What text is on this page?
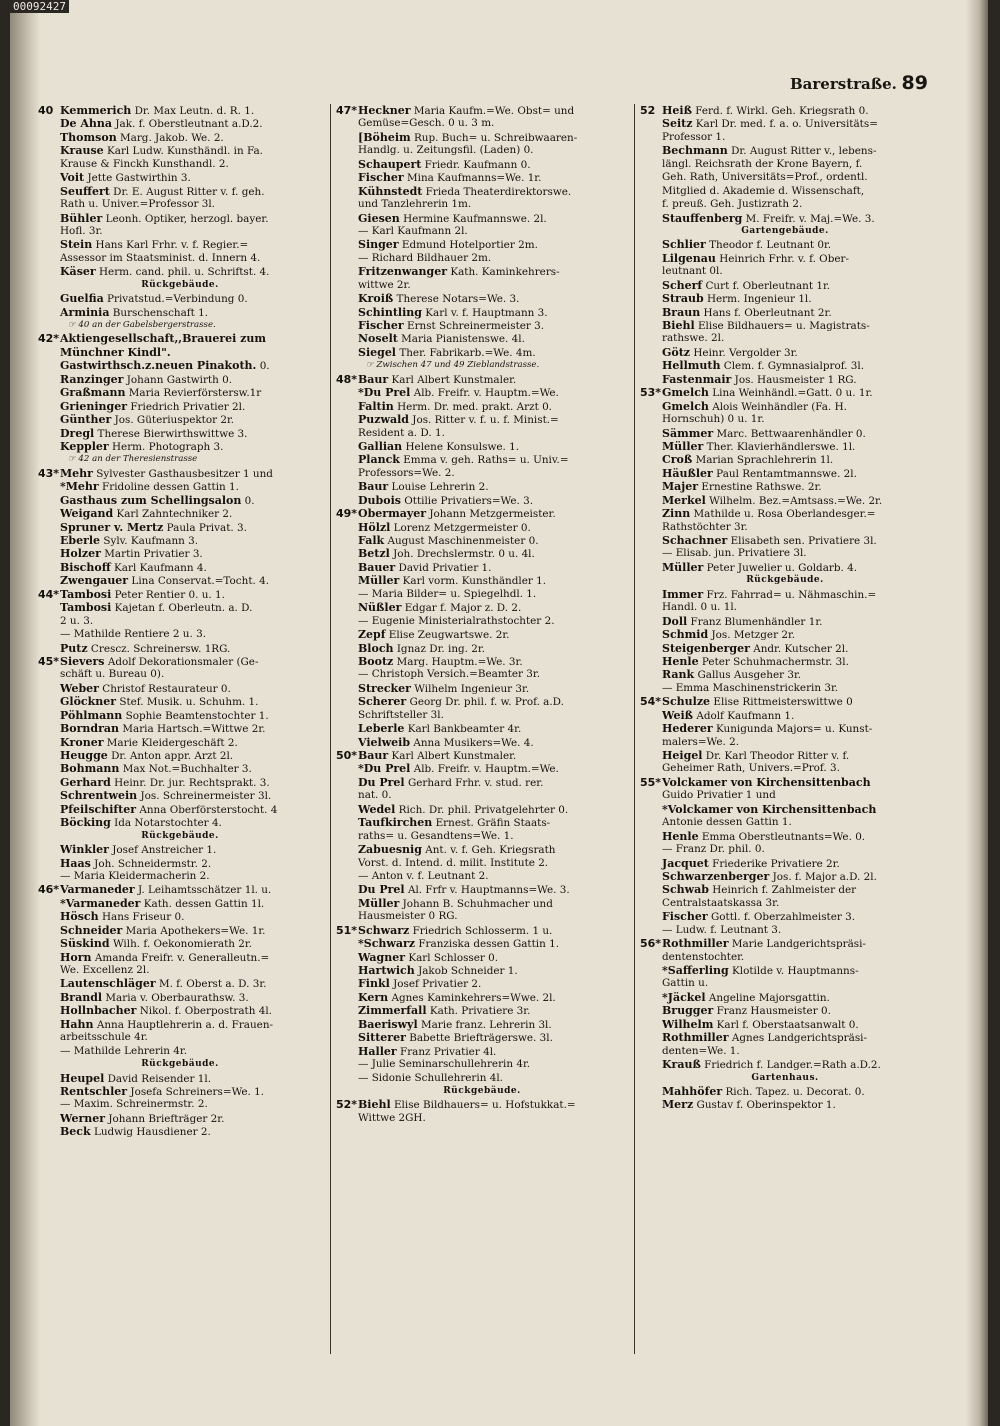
00092427
Barerstraße. 89
40 Kemmerich Dr. Max Leutn. d. R. 1.
De Ahna Jak. f. Oberstleutnant a.D.2.
Thomson Marg. Jakob. We. 2.
Krause Karl Ludw. Kunsthändl. in Fa.
Krause & Finckh Kunsthandl. 2.
Voit Jette Gastwirthin 3.
Seuffert Dr. E. August Ritter v. f. geh.
Rath u. Univer.=Professor 3l.
Bühler Leonh. Optiker, herzogl. bayer.
Hofl. 3r.
Stein Hans Karl Frhr. v. f. Regier.=
Assessor im Staatsminist. d. Innern 4.
Käser Herm. cand. phil. u. Schriftst. 4.
Rückgebäude.
Guelfia Privatstud.=Verbindung 0.
Arminia Burschenschaft 1.
☞ 40 an der Gabelsbergerstrasse.
42*Aktiengesellschaft,,Brauerei zum
Münchner Kindl".
Gastwirthsch.z.neuen Pinakoth. 0.
Ranzinger Johann Gastwirth 0.
Graßmann Maria Revierförstersw.1r
Grieninger Friedrich Privatier 2l.
Günther Jos. Güteriuspektor 2r.
Dregl Therese Bierwirthswittwe 3.
Keppler Herm. Photograph 3.
☞ 42 an der Theresienstrasse
43*Mehr Sylvester Gasthausbesitzer 1 und
*Mehr Fridoline dessen Gattin 1.
Gasthaus zum Schellingsalon 0.
Weigand Karl Zahntechniker 2.
Spruner v. Mertz Paula Privat. 3.
Eberle Sylv. Kaufmann 3.
Holzer Martin Privatier 3.
Bischoff Karl Kaufmann 4.
Zwengauer Lina Conservat.=Tocht. 4.
44*Tambosi Peter Rentier 0. u. 1.
Tambosi Kajetan f. Oberleutn. a. D.
2 u. 3.
— Mathilde Rentiere 2 u. 3.
Putz Crescz. Schreinersw. 1RG.
45*Sievers Adolf Dekorationsmaler (Ge-
schäft u. Bureau 0).
Weber Christof Restaurateur 0.
Glöckner Stef. Musik. u. Schuhm. 1.
Pöhlmann Sophie Beamtenstochter 1.
Borndran Maria Hartsch.=Wittwe 2r.
Kroner Marie Kleidergeschäft 2.
Heugge Dr. Anton appr. Arzt 2l.
Bohmann Max Not.=Buchhalter 3.
Gerhard Heinr. Dr. jur. Rechtsprakt. 3.
Schrentwein Jos. Schreinermeister 3l.
Pfeilschifter Anna Oberförsterstocht. 4
Böcking Ida Notarstochter 4.
Rückgebäude.
Winkler Josef Anstreicher 1.
Haas Joh. Schneidermstr. 2.
— Maria Kleidermacherin 2.
46*Varmaneder J. Leihamtsschätzer 1l. u.
*Varmaneder Kath. dessen Gattin 1l.
Hösch Hans Friseur 0.
Schneider Maria Apothekers=We. 1r.
Süskind Wilh. f. Oekonomierath 2r.
Horn Amanda Freifr. v. Generalleutn.=
We. Excellenz 2l.
Lautenschläger M. f. Oberst a. D. 3r.
Brandl Maria v. Oberbaurathsw. 3.
Hollnbacher Nikol. f. Oberpostrath 4l.
Hahn Anna Hauptlehrerin a. d. Frauen-
arbeitsschule 4r.
— Mathilde Lehrerin 4r.
Rückgebäude.
Heupel David Reisender 1l.
Rentschler Josefa Schreiners=We. 1.
— Maxim. Schreinermstr. 2.
Werner Johann Briefträger 2r.
Beck Ludwig Hausdiener 2.
47*Heckner Maria Kaufm.=We. Obst= und
Gemüse=Gesch. 0 u. 3 m.
[Böheim Rup. Buch= u. Schreibwaaren-
Handlg. u. Zeitungsfil. (Laden) 0.
Schaupert Friedr. Kaufmann 0.
Fischer Mina Kaufmanns=We. 1r.
Kühnstedt Frieda Theaterdirektorswe.
und Tanzlehrerin 1m.
Giesen Hermine Kaufmannswe. 2l.
— Karl Kaufmann 2l.
Singer Edmund Hotelportier 2m.
— Richard Bildhauer 2m.
Fritzenwanger Kath. Kaminkehrers-
wittwe 2r.
Kroiß Therese Notars=We. 3.
Schintling Karl v. f. Hauptmann 3.
Fischer Ernst Schreinermeister 3.
Noselt Maria Pianistenswe. 4l.
Siegel Ther. Fabrikarb.=We. 4m.
☞ Zwischen 47 und 49 Zieblandstrasse.
48*Baur Karl Albert Kunstmaler.
*Du Prel Alb. Freifr. v. Hauptm.=We.
Faltin Herm. Dr. med. prakt. Arzt 0.
Puzwald Jos. Ritter v. f. u. f. Minist.=
Resident a. D. 1.
Gallian Helene Konsulswe. 1.
Planck Emma v. geh. Raths= u. Univ.=
Professors=We. 2.
Baur Louise Lehrerin 2.
Dubois Ottilie Privatiers=We. 3.
49*Obermayer Johann Metzgermeister.
Hölzl Lorenz Metzgermeister 0.
Falk August Maschinenmeister 0.
Betzl Joh. Drechslermstr. 0 u. 4l.
Bauer David Privatier 1.
Müller Karl vorm. Kunsthändler 1.
— Maria Bilder= u. Spiegelhdl. 1.
Nüßler Edgar f. Major z. D. 2.
— Eugenie Ministerialrathstochter 2.
Zepf Elise Zeugwartswe. 2r.
Bloch Ignaz Dr. ing. 2r.
Bootz Marg. Hauptm.=We. 3r.
— Christoph Versich.=Beamter 3r.
Strecker Wilhelm Ingenieur 3r.
Scherer Georg Dr. phil. f. w. Prof. a.D.
Schriftsteller 3l.
Leberle Karl Bankbeamter 4r.
Vielweib Anna Musikers=We. 4.
50*Baur Karl Albert Kunstmaler.
*Du Prel Alb. Freifr. v. Hauptm.=We.
Du Prel Gerhard Frhr. v. stud. rer.
nat. 0.
Wedel Rich. Dr. phil. Privatgelehrter 0.
Taufkirchen Ernest. Gräfin Staats-
raths= u. Gesandtens=We. 1.
Zabuesnig Ant. v. f. Geh. Kriegsrath
Vorst. d. Intend. d. milit. Institute 2.
— Anton v. f. Leutnant 2.
Du Prel Al. Frfr v. Hauptmanns=We. 3.
Müller Johann B. Schuhmacher und
Hausmeister 0 RG.
51*Schwarz Friedrich Schlosserm. 1 u.
*Schwarz Franziska dessen Gattin 1.
Wagner Karl Schlosser 0.
Hartwich Jakob Schneider 1.
Finkl Josef Privatier 2.
Kern Agnes Kaminkehrers=Wwe. 2l.
Zimmerfall Kath. Privatiere 3r.
Baeriswyl Marie franz. Lehrerin 3l.
Sitterer Babette Briefträgerswe. 3l.
Haller Franz Privatier 4l.
— Julie Seminarschullehrerin 4r.
— Sidonie Schullehrerin 4l.
Rückgebäude.
52*Biehl Elise Bildhauers= u. Hofstukkat.=
Wittwe 2GH.
52 Heiß Ferd. f. Wirkl. Geh. Kriegsrath 0.
Seitz Karl Dr. med. f. a. o. Universitäts=
Professor 1.
Bechmann Dr. August Ritter v., lebens-
längl. Reichsrath der Krone Bayern, f.
Geh. Rath, Universitäts=Prof., ordentl.
Mitglied d. Akademie d. Wissenschaft,
f. preuß. Geh. Justizrath 2.
Stauffenberg M. Freifr. v. Maj.=We. 3.
Gartengebäude.
Schlier Theodor f. Leutnant 0r.
Lilgenau Heinrich Frhr. v. f. Ober-
leutnant 0l.
Scherf Curt f. Oberleutnant 1r.
Straub Herm. Ingenieur 1l.
Braun Hans f. Oberleutnant 2r.
Biehl Elise Bildhauers= u. Magistrats-
rathswe. 2l.
Götz Heinr. Vergolder 3r.
Hellmuth Clem. f. Gymnasialprof. 3l.
Fastenmair Jos. Hausmeister 1 RG.
53*Gmelch Lina Weinhändl.=Gatt. 0 u. 1r.
Gmelch Alois Weinhändler (Fa. H.
Hornschuh) 0 u. 1r.
Sämmer Marc. Bettwaarenhändler 0.
Müller Ther. Klavierhändlerswe. 1l.
Croß Marian Sprachlehrerin 1l.
Häußler Paul Rentamtmannswe. 2l.
Majer Ernestine Rathswe. 2r.
Merkel Wilhelm. Bez.=Amtsass.=We. 2r.
Zinn Mathilde u. Rosa Oberlandesger.=
Rathstöchter 3r.
Schachner Elisabeth sen. Privatiere 3l.
— Elisab. jun. Privatiere 3l.
Müller Peter Juwelier u. Goldarb. 4.
Rückgebäude.
Immer Frz. Fahrrad= u. Nähmaschin.=
Handl. 0 u. 1l.
Doll Franz Blumenhändler 1r.
Schmid Jos. Metzger 2r.
Steigenberger Andr. Kutscher 2l.
Henle Peter Schuhmachermstr. 3l.
Rank Gallus Ausgeher 3r.
— Emma Maschinenstrickerin 3r.
54*Schulze Elise Rittmeisterswittwe 0
Weiß Adolf Kaufmann 1.
Hederer Kunigunda Majors= u. Kunst-
malers=We. 2.
Heigel Dr. Karl Theodor Ritter v. f.
Geheimer Rath, Univers.=Prof. 3.
55*Volckamer von Kirchensittenbach
Guido Privatier 1 und
*Volckamer von Kirchensittenbach
Antonie dessen Gattin 1.
Henle Emma Oberstleutnants=We. 0.
— Franz Dr. phil. 0.
Jacquet Friederike Privatiere 2r.
Schwarzenberger Jos. f. Major a.D. 2l.
Schwab Heinrich f. Zahlmeister der
Centralstaatskassa 3r.
Fischer Gottl. f. Oberzahlmeister 3.
— Ludw. f. Leutnant 3.
56*Rothmiller Marie Landgerichtspräsi-
dentenstochter.
*Safferling Klotilde v. Hauptmanns-
Gattin u.
*Jäckel Angeline Majorsgattin.
Brugger Franz Hausmeister 0.
Wilhelm Karl f. Oberstaatsanwalt 0.
Rothmiller Agnes Landgerichtspräsi-
denten=We. 1.
Krauß Friedrich f. Landger.=Rath a.D.2.
Gartenhaus.
Mahhöfer Rich. Tapez. u. Decorat. 0.
Merz Gustav f. Oberinspektor 1.
